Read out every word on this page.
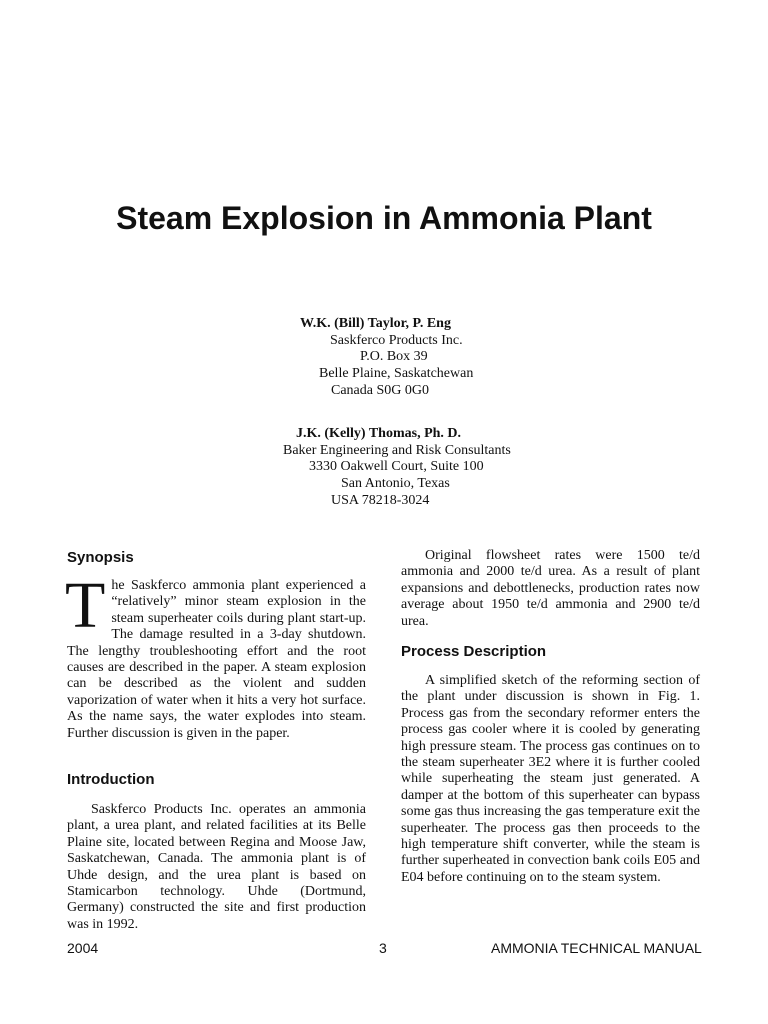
Steam Explosion in Ammonia Plant
W.K. (Bill) Taylor, P. Eng
Saskferco Products Inc.
P.O. Box 39
Belle Plaine, Saskatchewan
Canada S0G 0G0
J.K. (Kelly) Thomas, Ph. D.
Baker Engineering and Risk Consultants
3330 Oakwell Court, Suite 100
San Antonio, Texas
USA 78218-3024
Synopsis

The Saskferco ammonia plant experienced a “relatively” minor steam explosion in the steam superheater coils during plant start-up. The damage resulted in a 3-day shutdown. The lengthy troubleshooting effort and the root causes are described in the paper. A steam explosion can be described as the violent and sudden vaporization of water when it hits a very hot surface. As the name says, the water explodes into steam. Further discussion is given in the paper.

Introduction

Saskferco Products Inc. operates an ammonia plant, a urea plant, and related facilities at its Belle Plaine site, located between Regina and Moose Jaw, Saskatchewan, Canada. The ammonia plant is of Uhde design, and the urea plant is based on Stamicarbon technology. Uhde (Dortmund, Germany) constructed the site and first production was in 1992.

Original flowsheet rates were 1500 te/d ammonia and 2000 te/d urea. As a result of plant expansions and debottlenecks, production rates now average about 1950 te/d ammonia and 2900 te/d urea.

Process Description

A simplified sketch of the reforming section of the plant under discussion is shown in Fig. 1. Process gas from the secondary reformer enters the process gas cooler where it is cooled by generating high pressure steam. The process gas continues on to the steam superheater 3E2 where it is further cooled while superheating the steam just generated. A damper at the bottom of this superheater can bypass some gas thus increasing the gas temperature exit the superheater. The process gas then proceeds to the high temperature shift converter, while the steam is further superheated in convection bank coils E05 and E04 before continuing on to the steam system.

2004	3	AMMONIA TECHNICAL MANUAL
